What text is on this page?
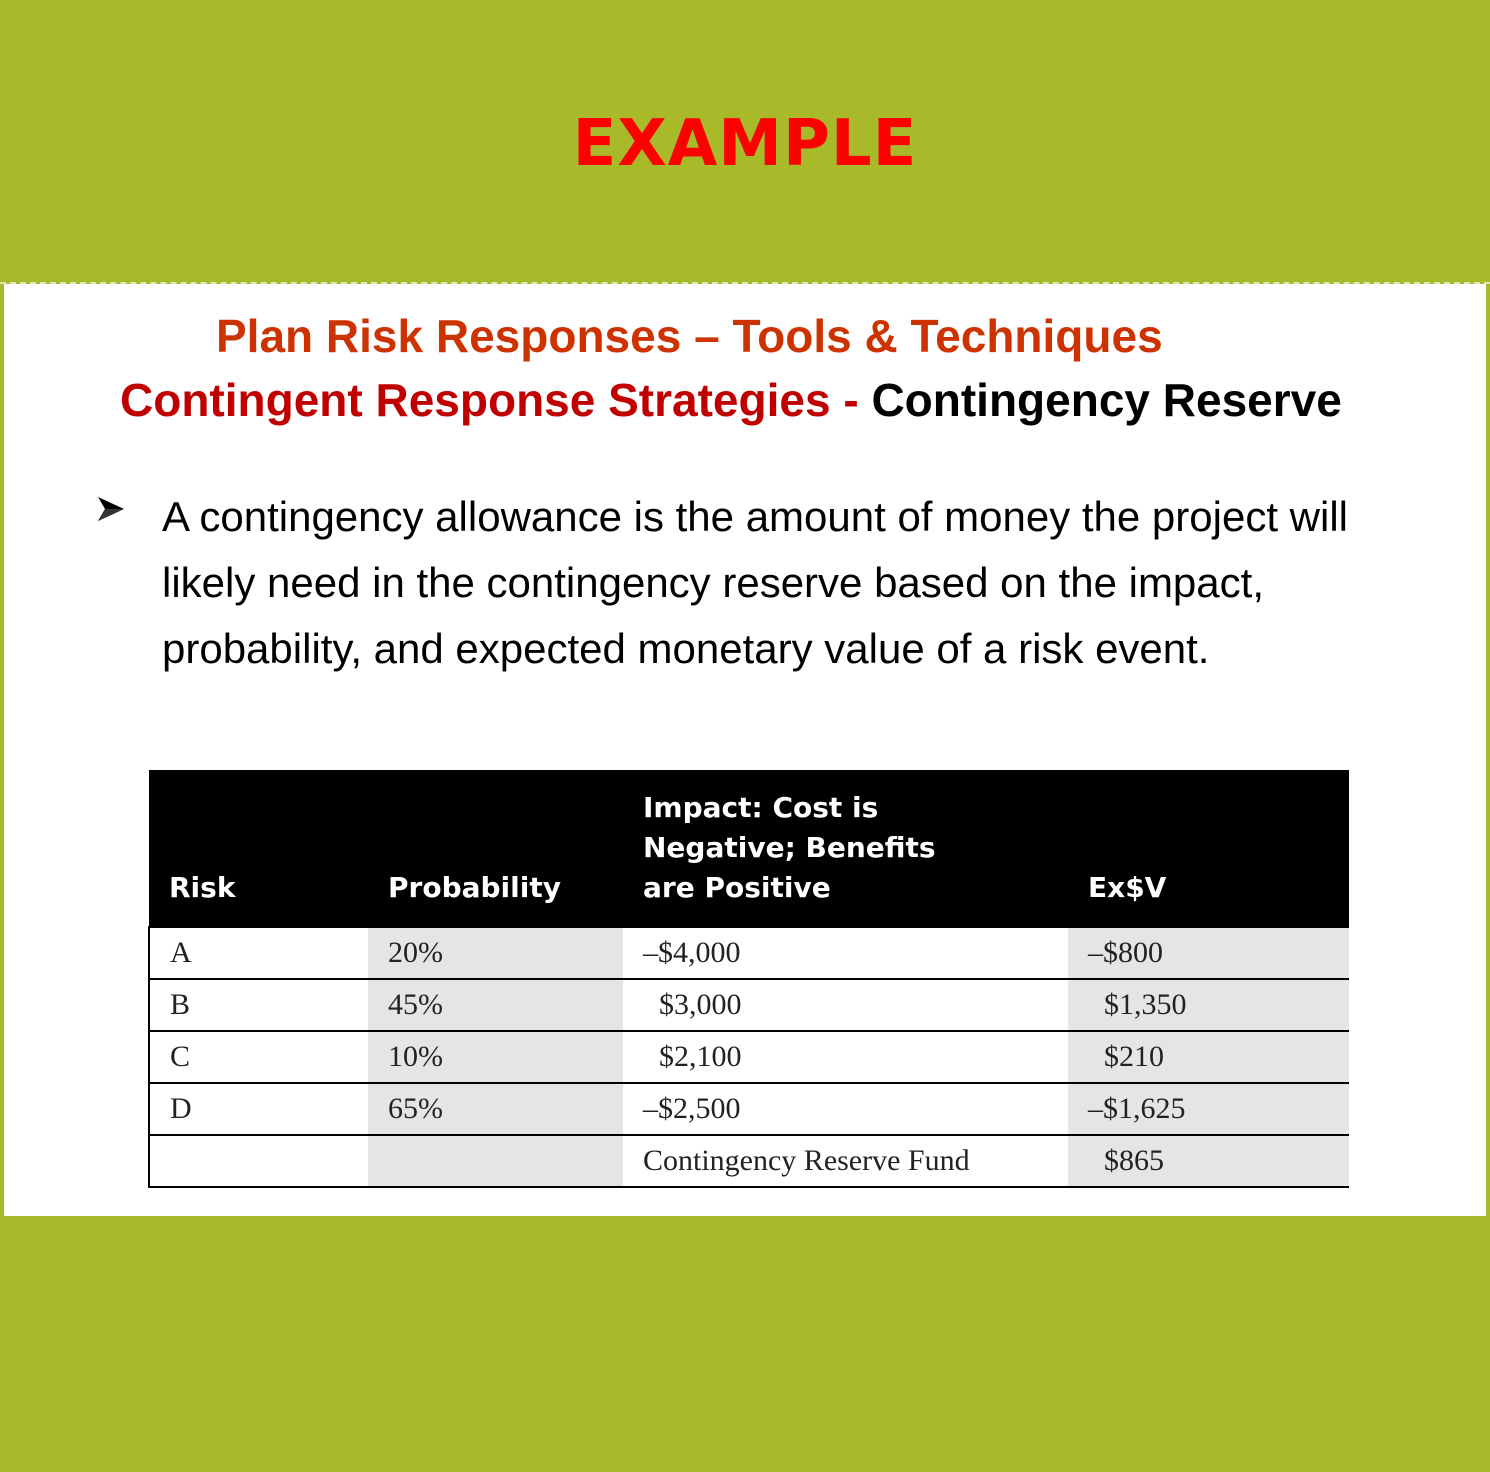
EXAMPLE
Plan Risk Responses – Tools & Techniques
Contingent Response Strategies - Contingency Reserve
A contingency allowance is the amount of money the project will likely need in the contingency reserve based on the impact, probability, and expected monetary value of a risk event.
Risk	Probability	Impact: Cost is
Negative; Benefits
are Positive	Ex$V
A	20%	–$4,000	–$800
B	45%	$3,000	$1,350
C	10%	$2,100	$210
D	65%	–$2,500	–$1,625
		Contingency Reserve Fund	$865
